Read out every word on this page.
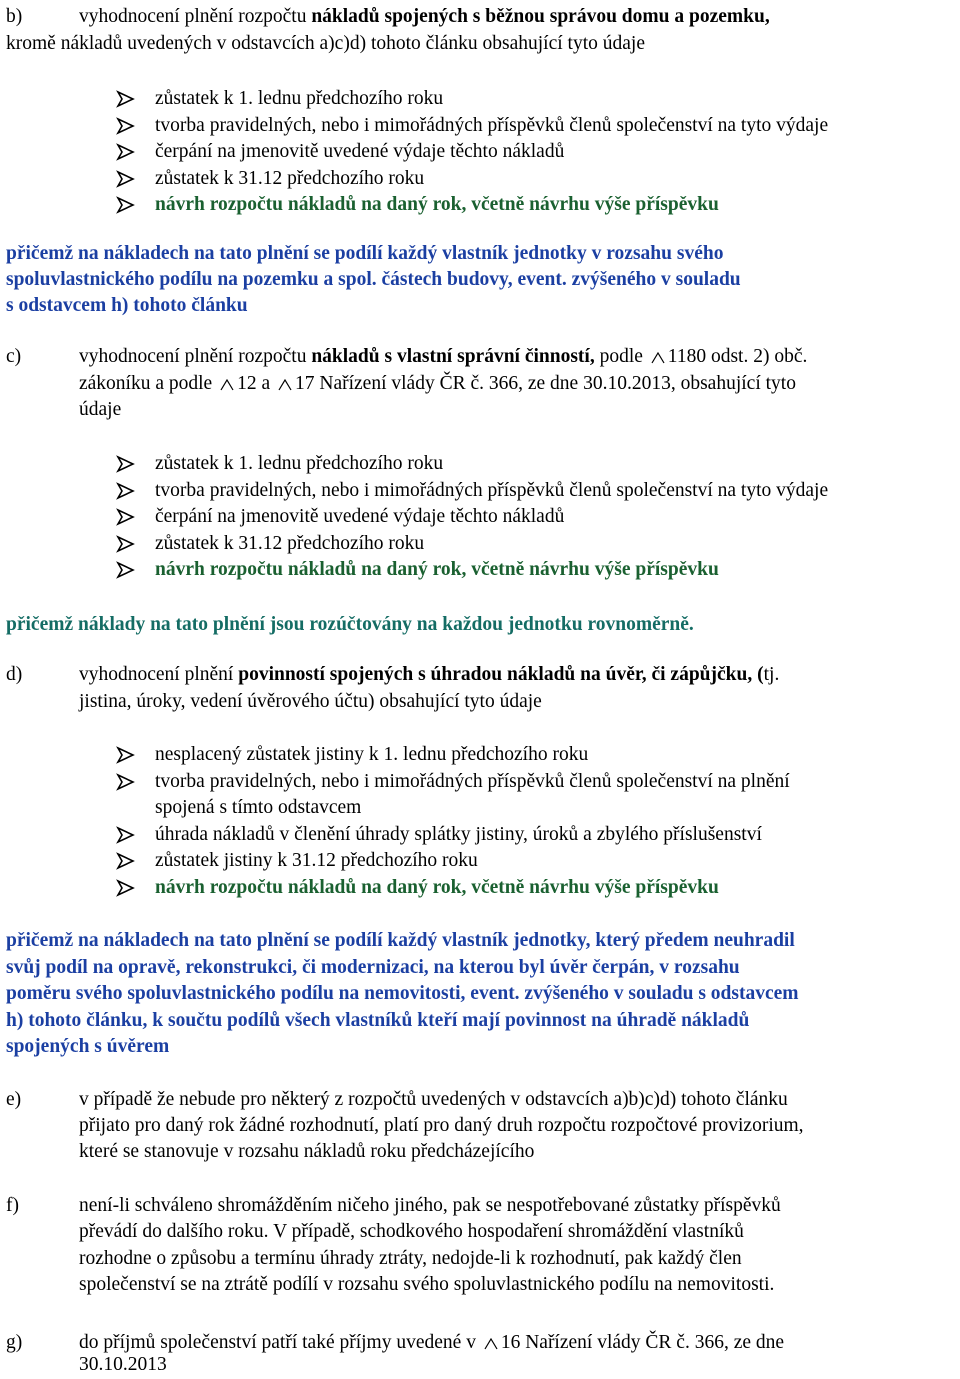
b)	vyhodnocení plnění rozpočtu nákladů spojených s běžnou správou domu a pozemku,
kromě nákladů uvedených v odstavcích a)c)d) tohoto článku obsahující tyto údaje
zůstatek k 1. lednu předchozího roku
tvorba pravidelných, nebo i mimořádných příspěvků členů společenství na tyto výdaje
čerpání na jmenovitě uvedené výdaje těchto nákladů
zůstatek k 31.12 předchozího roku
návrh rozpočtu nákladů na daný rok, včetně návrhu výše příspěvku
přičemž na nákladech na tato plnění se podílí každý vlastník jednotky v rozsahu svého
spoluvlastnického podílu na pozemku a spol. částech budovy, event. zvýšeného v souladu
s odstavcem h) tohoto článku
c)	vyhodnocení plnění rozpočtu nákladů s vlastní správní činností, podle 1180 odst. 2) obč.
zákoníku a podle 12 a 17 Nařízení vlády ČR č. 366, ze dne 30.10.2013, obsahující tyto
údaje
zůstatek k 1. lednu předchozího roku
tvorba pravidelných, nebo i mimořádných příspěvků členů společenství na tyto výdaje
čerpání na jmenovitě uvedené výdaje těchto nákladů
zůstatek k 31.12 předchozího roku
návrh rozpočtu nákladů na daný rok, včetně návrhu výše příspěvku
přičemž náklady na tato plnění jsou rozúčtovány na každou jednotku rovnoměrně.
d)	vyhodnocení plnění povinností spojených s úhradou nákladů na úvěr, či zápůjčku, (tj.
jistina, úroky, vedení úvěrového účtu) obsahující tyto údaje
nesplacený zůstatek jistiny k 1. lednu předchozího roku
tvorba pravidelných, nebo i mimořádných příspěvků členů společenství na plnění
spojená s tímto odstavcem
úhrada nákladů v členění úhrady splátky jistiny, úroků a zbylého příslušenství
zůstatek jistiny k 31.12 předchozího roku
návrh rozpočtu nákladů na daný rok, včetně návrhu výše příspěvku
přičemž na nákladech na tato plnění se podílí každý vlastník jednotky, který předem neuhradil
svůj podíl na opravě, rekonstrukci, či modernizaci, na kterou byl úvěr čerpán, v rozsahu
poměru svého spoluvlastnického podílu na nemovitosti, event. zvýšeného v souladu s odstavcem
h) tohoto článku, k součtu podílů všech vlastníků kteří mají povinnost na úhradě nákladů
spojených s úvěrem
e)	v případě že nebude pro některý z rozpočtů uvedených v odstavcích a)b)c)d) tohoto článku
přijato pro daný rok žádné rozhodnutí, platí pro daný druh rozpočtu rozpočtové provizorium,
které se stanovuje v rozsahu nákladů roku předcházejícího
f)	není-li schváleno shromážděním ničeho jiného, pak se nespotřebované zůstatky příspěvků
převádí do dalšího roku. V případě, schodkového hospodaření shromáždění vlastníků
rozhodne o způsobu a termínu úhrady ztráty, nedojde-li k rozhodnutí, pak každý člen
společenství se na ztrátě podílí v rozsahu svého spoluvlastnického podílu na nemovitosti.
g)	do příjmů společenství patří také příjmy uvedené v 16 Nařízení vlády ČR č. 366, ze dne
30.10.2013
